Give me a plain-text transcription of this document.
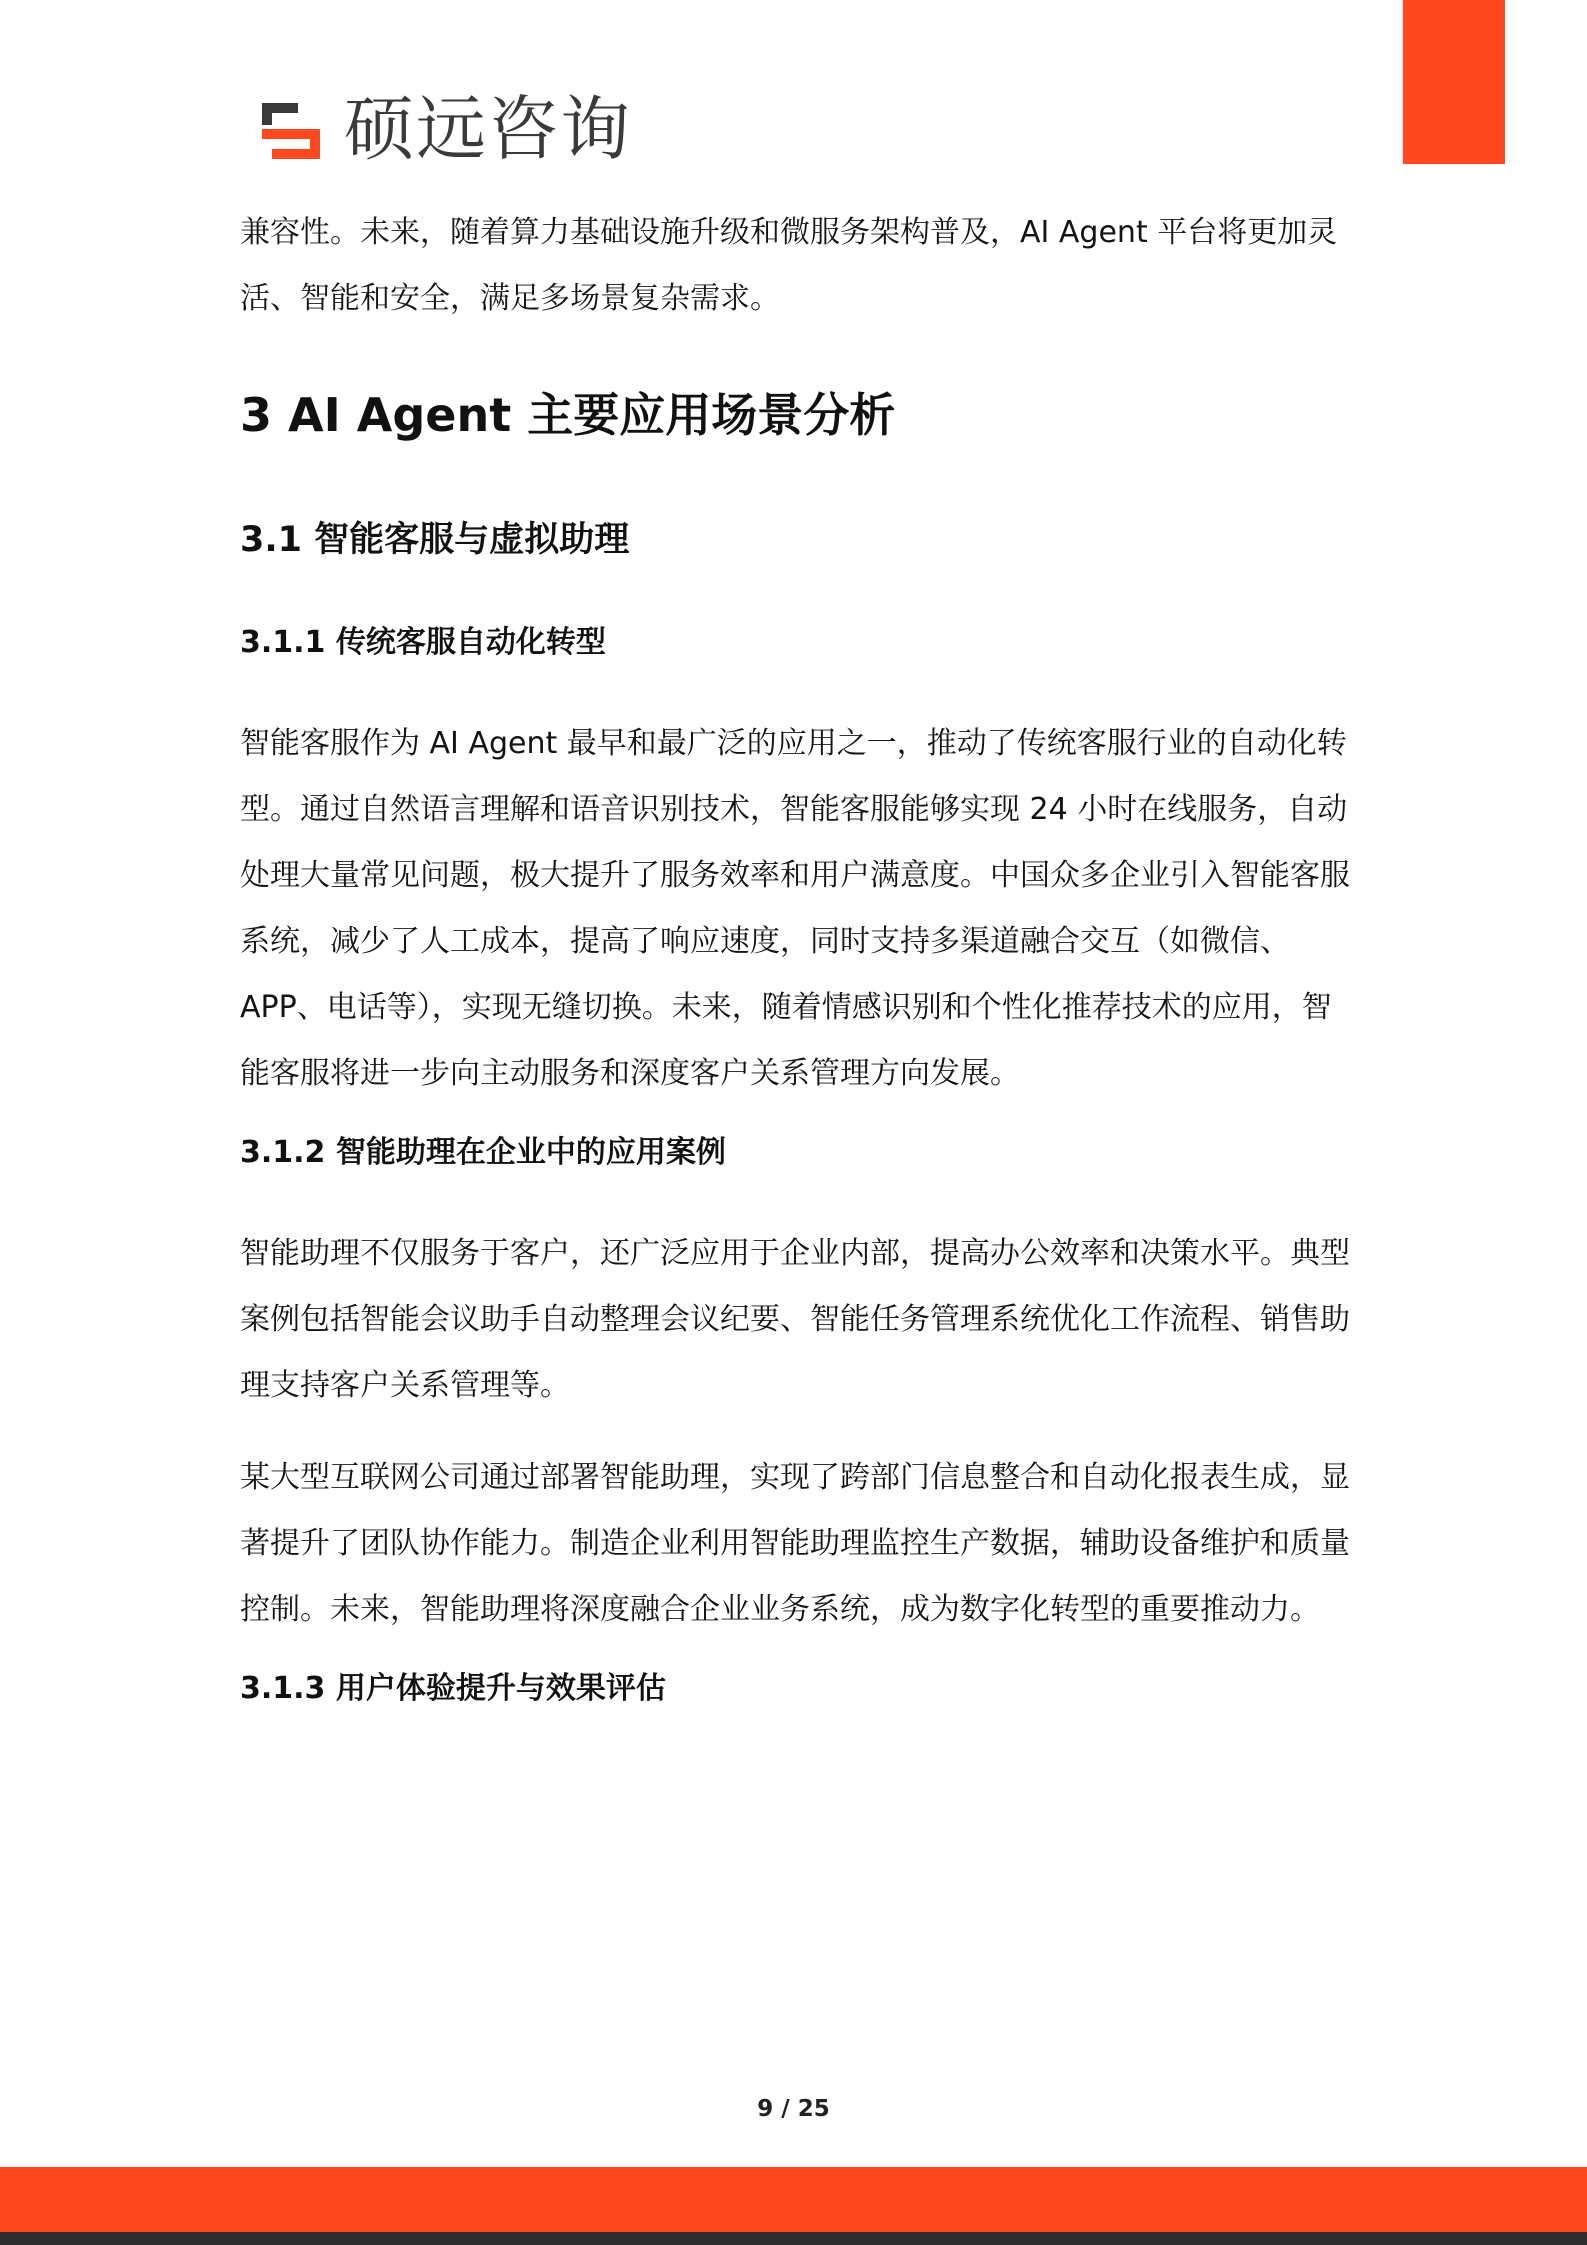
硕远咨询

兼容性。未来，随着算力基础设施升级和微服务架构普及，AI Agent 平台将更加灵活、智能和安全，满足多场景复杂需求。

3 AI Agent 主要应用场景分析
3.1 智能客服与虚拟助理
3.1.1 传统客服自动化转型

智能客服作为 AI Agent 最早和最广泛的应用之一，推动了传统客服行业的自动化转型。通过自然语言理解和语音识别技术，智能客服能够实现 24 小时在线服务，自动处理大量常见问题，极大提升了服务效率和用户满意度。中国众多企业引入智能客服系统，减少了人工成本，提高了响应速度，同时支持多渠道融合交互（如微信、APP、电话等），实现无缝切换。未来，随着情感识别和个性化推荐技术的应用，智能客服将进一步向主动服务和深度客户关系管理方向发展。

3.1.2 智能助理在企业中的应用案例

智能助理不仅服务于客户，还广泛应用于企业内部，提高办公效率和决策水平。典型案例包括智能会议助手自动整理会议纪要、智能任务管理系统优化工作流程、销售助理支持客户关系管理等。

某大型互联网公司通过部署智能助理，实现了跨部门信息整合和自动化报表生成，显著提升了团队协作能力。制造企业利用智能助理监控生产数据，辅助设备维护和质量控制。未来，智能助理将深度融合企业业务系统，成为数字化转型的重要推动力。

3.1.3 用户体验提升与效果评估
9 / 25
